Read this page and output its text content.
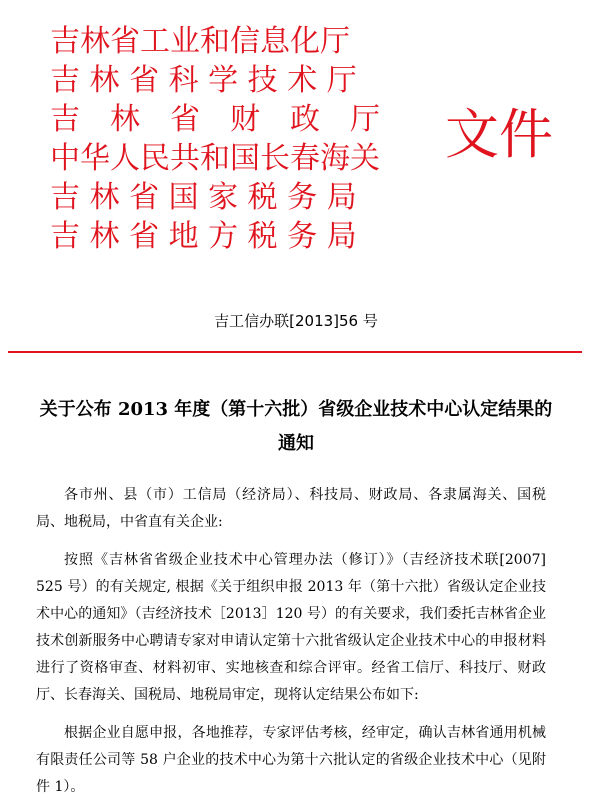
吉林省工业和信息化厅
吉 林 省 科 学 技 术 厅
吉　林　省　财　政　厅
中华人民共和国长春海关
吉 林 省 国 家 税 务 局
吉 林 省 地 方 税 务 局
文件
吉工信办联[2013]56 号
关于公布 2013 年度（第十六批）省级企业技术中心认定结果的通知

各市州、县（市）工信局（经济局）、科技局、财政局、各隶属海关、国税局、地税局，中省直有关企业:

按照《吉林省省级企业技术中心管理办法（修订）》（吉经济技术联[2007] 525 号）的有关规定, 根据《关于组织申报 2013 年（第十六批）省级认定企业技术中心的通知》（吉经济技术［2013］120 号）的有关要求，我们委托吉林省企业技术创新服务中心聘请专家对申请认定第十六批省级认定企业技术中心的申报材料进行了资格审查、材料初审、实地核查和综合评审。经省工信厅、科技厅、财政厅、长春海关、国税局、地税局审定，现将认定结果公布如下:

根据企业自愿申报，各地推荐，专家评估考核，经审定，确认吉林省通用机械有限责任公司等 58 户企业的技术中心为第十六批认定的省级企业技术中心（见附件 1）。
